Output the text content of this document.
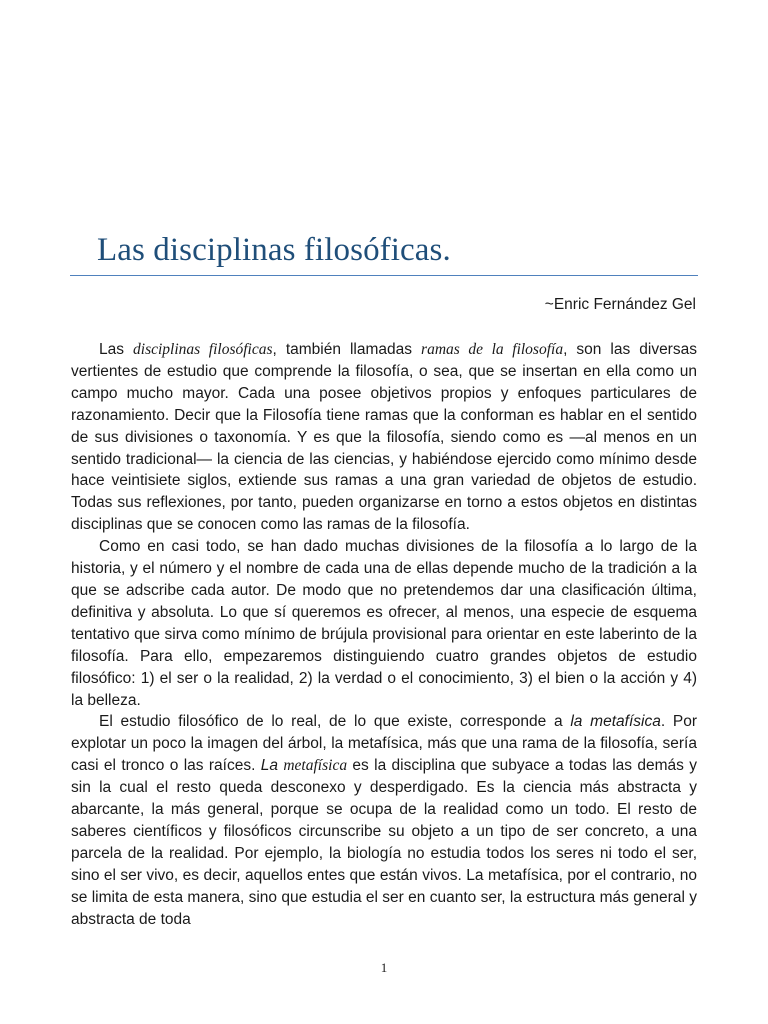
Las disciplinas filosóficas.
~Enric Fernández Gel

Las disciplinas filosóficas, también llamadas ramas de la filosofía, son las diversas vertientes de estudio que comprende la filosofía, o sea, que se insertan en ella como un campo mucho mayor. Cada una posee objetivos propios y enfoques particulares de razonamiento. Decir que la Filosofía tiene ramas que la conforman es hablar en el sentido de sus divisiones o taxonomía. Y es que la filosofía, siendo como es —al menos en un sentido tradicional— la ciencia de las ciencias, y habiéndose ejercido como mínimo desde hace veintisiete siglos, extiende sus ramas a una gran variedad de objetos de estudio. Todas sus reflexiones, por tanto, pueden organizarse en torno a estos objetos en distintas disciplinas que se conocen como las ramas de la filosofía.

Como en casi todo, se han dado muchas divisiones de la filosofía a lo largo de la historia, y el número y el nombre de cada una de ellas depende mucho de la tradición a la que se adscribe cada autor. De modo que no pretendemos dar una clasificación última, definitiva y absoluta. Lo que sí queremos es ofrecer, al menos, una especie de esquema tentativo que sirva como mínimo de brújula provisional para orientar en este laberinto de la filosofía. Para ello, empezaremos distinguiendo cuatro grandes objetos de estudio filosófico: 1) el ser o la realidad, 2) la verdad o el conocimiento, 3) el bien o la acción y 4) la belleza.

El estudio filosófico de lo real, de lo que existe, corresponde a la metafísica. Por explotar un poco la imagen del árbol, la metafísica, más que una rama de la filosofía, sería casi el tronco o las raíces. La metafísica es la disciplina que subyace a todas las demás y sin la cual el resto queda desconexo y desperdigado. Es la ciencia más abstracta y abarcante, la más general, porque se ocupa de la realidad como un todo. El resto de saberes científicos y filosóficos circunscribe su objeto a un tipo de ser concreto, a una parcela de la realidad. Por ejemplo, la biología no estudia todos los seres ni todo el ser, sino el ser vivo, es decir, aquellos entes que están vivos. La metafísica, por el contrario, no se limita de esta manera, sino que estudia el ser en cuanto ser, la estructura más general y abstracta de toda

1
